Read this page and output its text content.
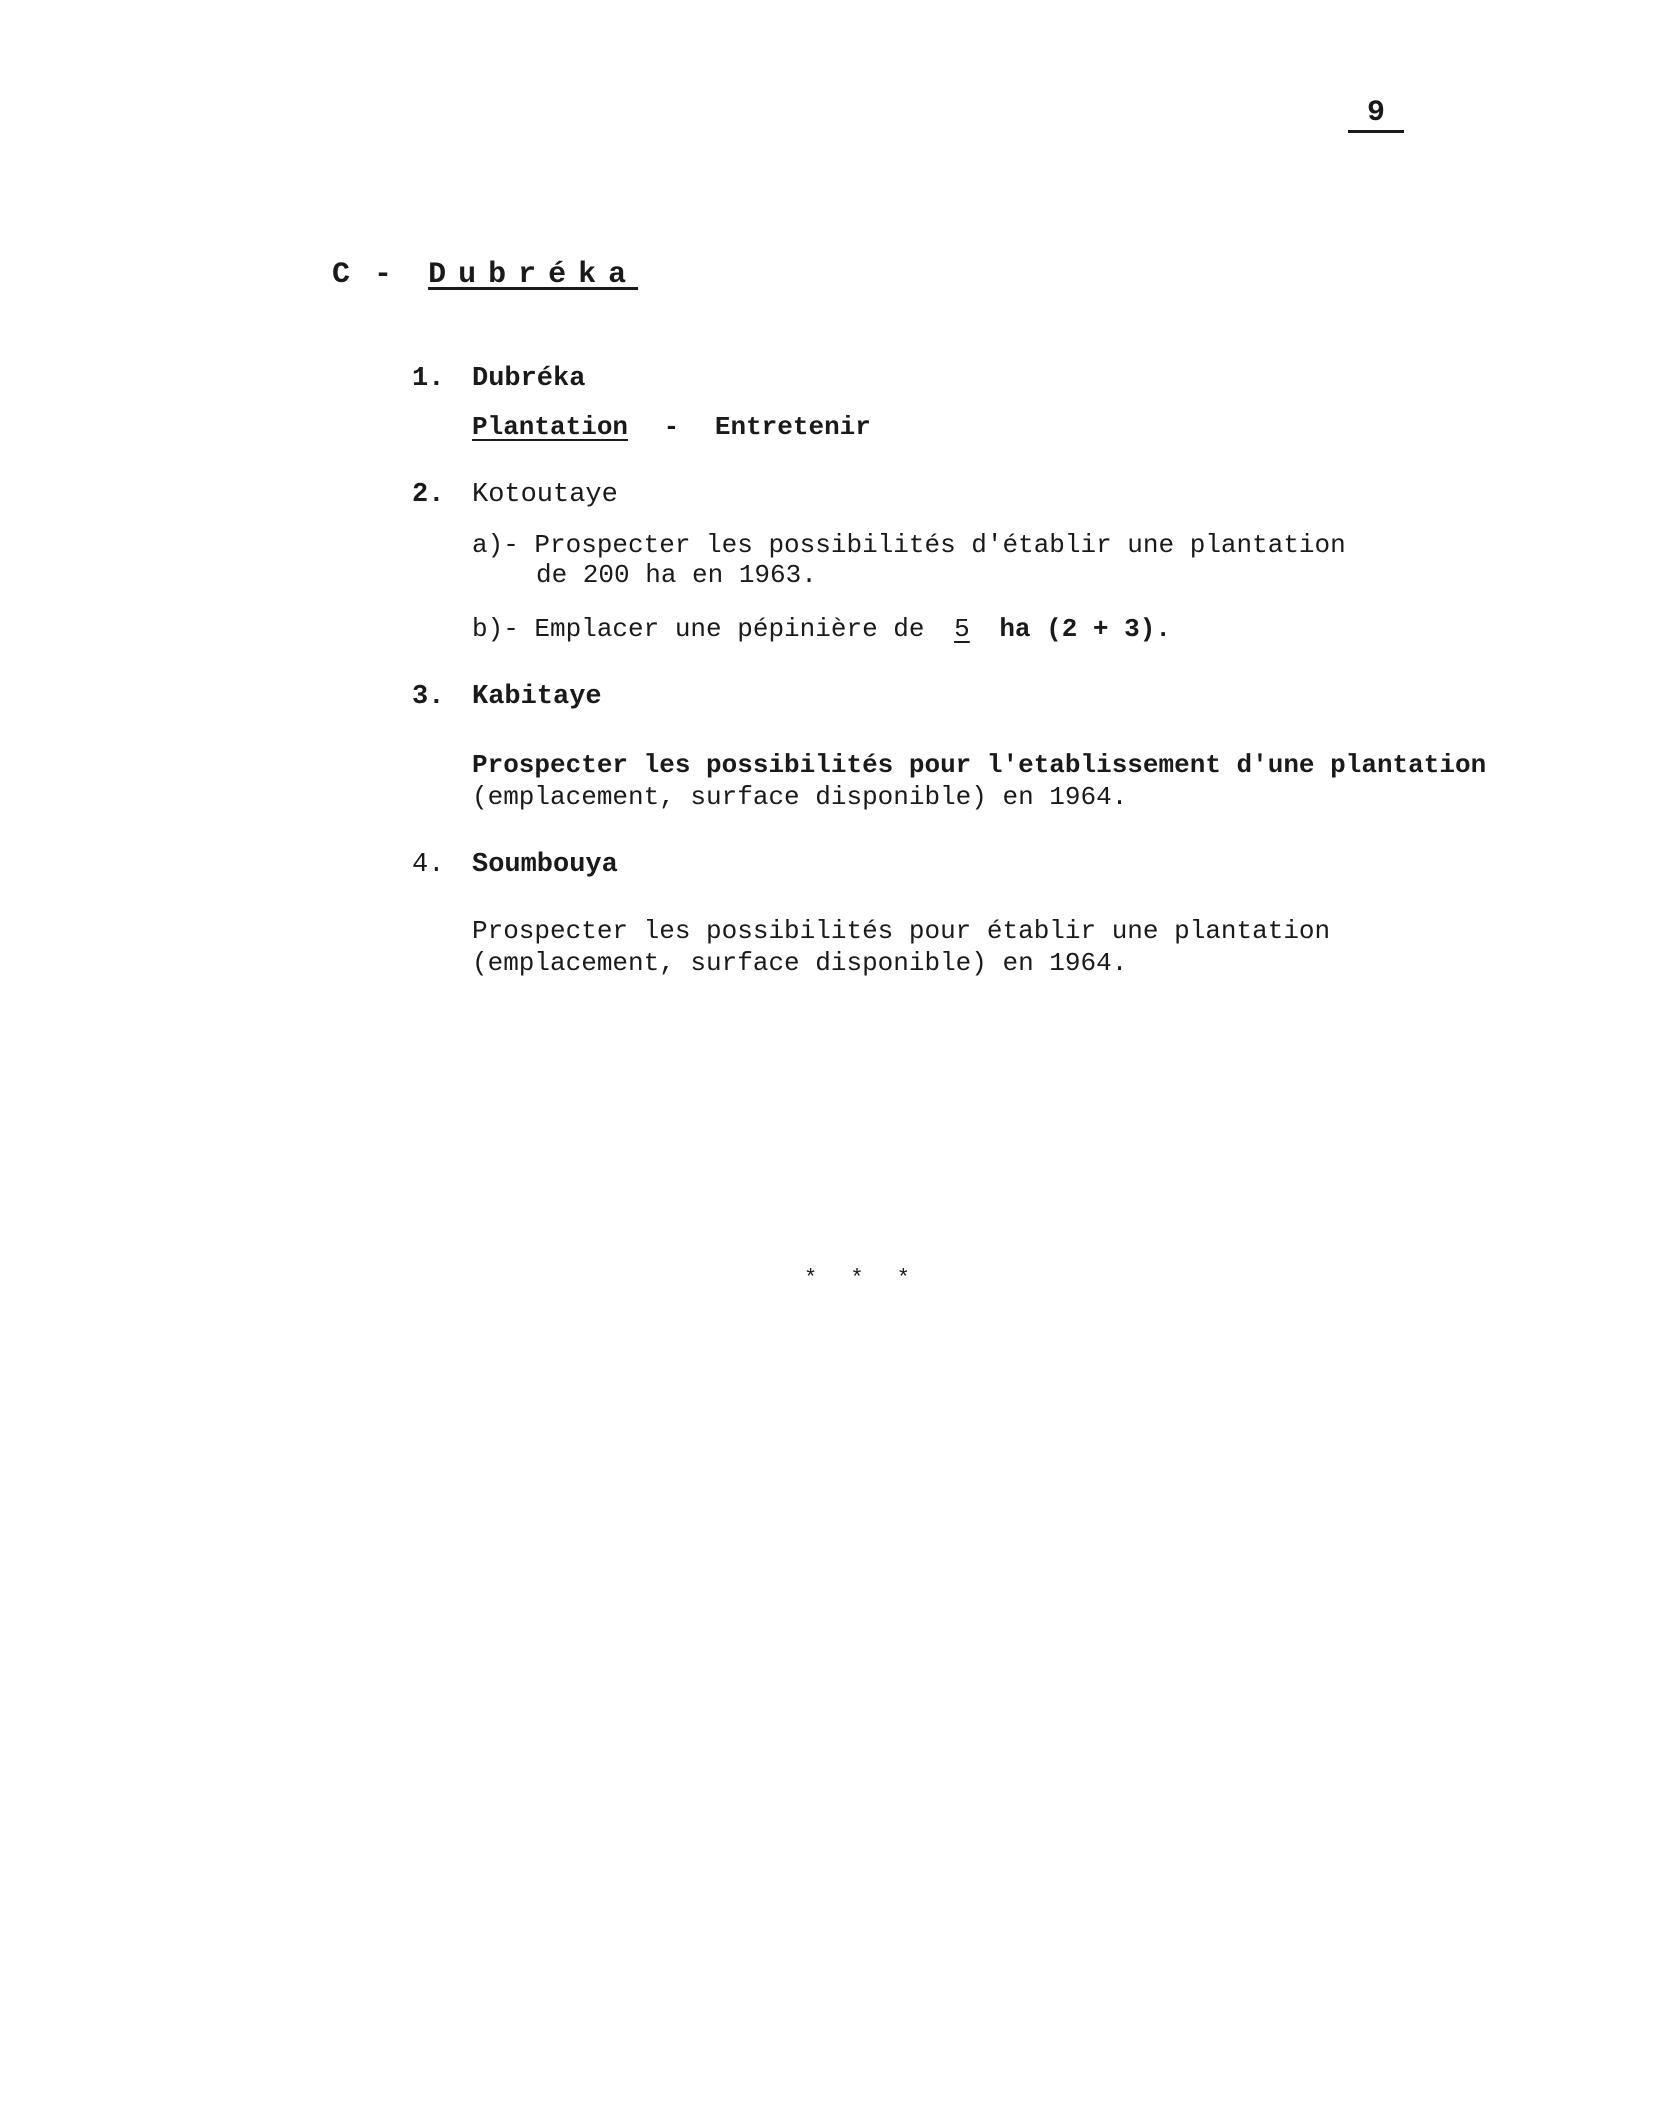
9
C - Dubréka
1. Dubréka
Plantation - Entretenir
2. Kotoutaye
a)- Prospecter les possibilités d'établir une plantation
de 200 ha en 1963.
b)- Emplacer une pépinière de 5 ha (2 + 3).
3. Kabitaye
Prospecter les possibilités pour l'etablissement d'une plantation
(emplacement, surface disponible) en 1964.
4. Soumbouya
Prospecter les possibilités pour établir une plantation
(emplacement, surface disponible) en 1964.
* * *
